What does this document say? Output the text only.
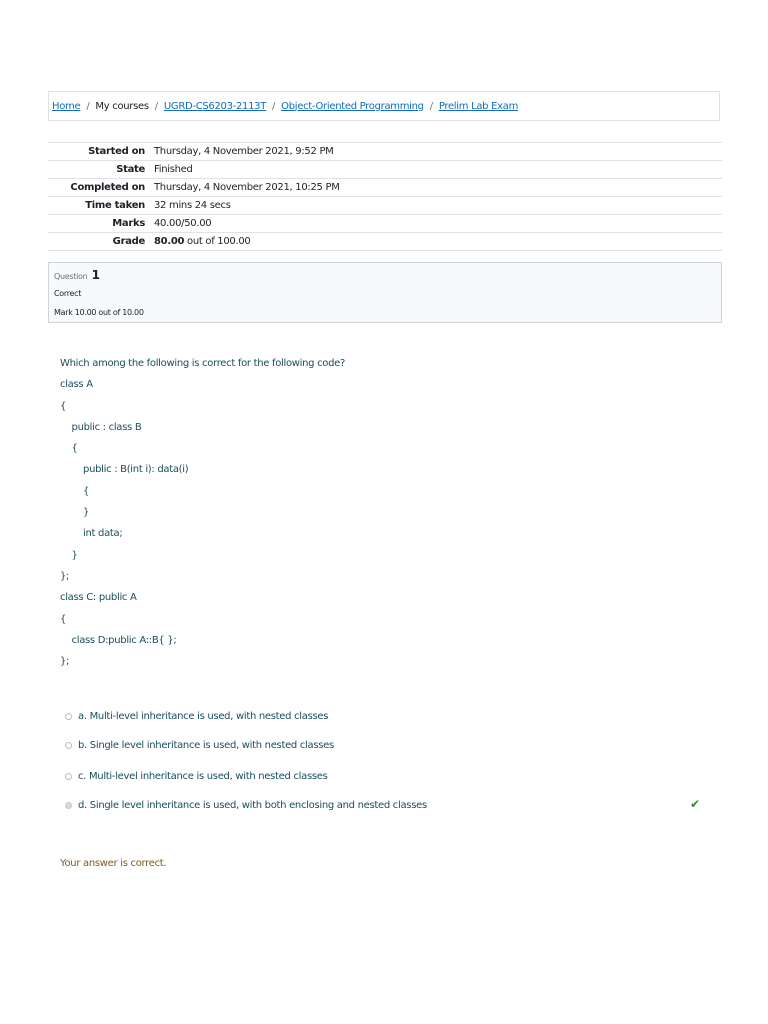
Home / My courses / UGRD-CS6203-2113T / Object-Oriented Programming / Prelim Lab Exam
Started on	Thursday, 4 November 2021, 9:52 PM
State	Finished
Completed on	Thursday, 4 November 2021, 10:25 PM
Time taken	32 mins 24 secs
Marks	40.00/50.00
Grade	80.00 out of 100.00
Question 1
Correct
Mark 10.00 out of 10.00
Which among the following is correct for the following code?
class A
{
public : class B
{
public : B(int i): data(i)
{
}
int data;
}
};
class C: public A
{
class D:public A::B{ };
};
a. Multi-level inheritance is used, with nested classes
b. Single level inheritance is used, with nested classes
c. Multi-level inheritance is used, with nested classes
d. Single level inheritance is used, with both enclosing and nested classes	✔
Your answer is correct.
